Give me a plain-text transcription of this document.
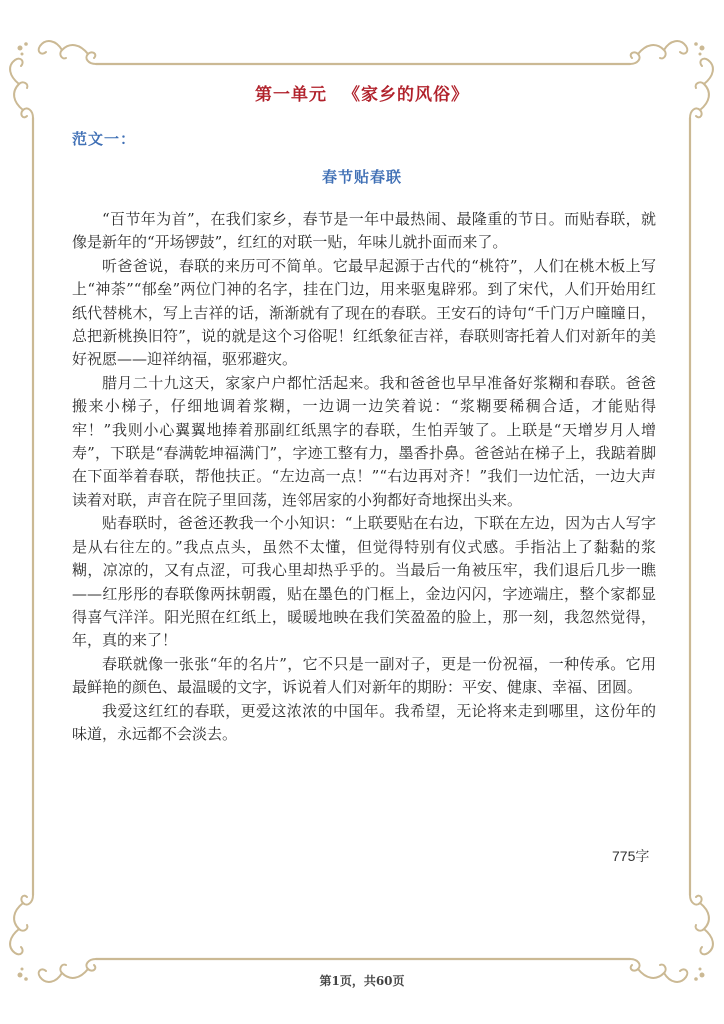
第一单元 《家乡的风俗》
范文一：
春节贴春联

“百节年为首”，在我们家乡，春节是一年中最热闹、最隆重的节日。而贴春联，就像是新年的“开场锣鼓”，红红的对联一贴，年味儿就扑面而来了。

听爸爸说，春联的来历可不简单。它最早起源于古代的“桃符”，人们在桃木板上写上“神荼”“郁垒”两位门神的名字，挂在门边，用来驱鬼辟邪。到了宋代，人们开始用红纸代替桃木，写上吉祥的话，渐渐就有了现在的春联。王安石的诗句“千门万户曈曈日，总把新桃换旧符”，说的就是这个习俗呢！红纸象征吉祥，春联则寄托着人们对新年的美好祝愿——迎祥纳福，驱邪避灾。

腊月二十九这天，家家户户都忙活起来。我和爸爸也早早准备好浆糊和春联。爸爸搬来小梯子，仔细地调着浆糊，一边调一边笑着说：“浆糊要稀稠合适，才能贴得牢！”我则小心翼翼地捧着那副红纸黑字的春联，生怕弄皱了。上联是“天增岁月人增寿”，下联是“春满乾坤福满门”，字迹工整有力，墨香扑鼻。爸爸站在梯子上，我踮着脚在下面举着春联，帮他扶正。“左边高一点！”“右边再对齐！”我们一边忙活，一边大声读着对联，声音在院子里回荡，连邻居家的小狗都好奇地探出头来。

贴春联时，爸爸还教我一个小知识：“上联要贴在右边，下联在左边，因为古人写字是从右往左的。”我点点头，虽然不太懂，但觉得特别有仪式感。手指沾上了黏黏的浆糊，凉凉的，又有点涩，可我心里却热乎乎的。当最后一角被压牢，我们退后几步一瞧——红彤彤的春联像两抹朝霞，贴在墨色的门框上，金边闪闪，字迹端庄，整个家都显得喜气洋洋。阳光照在红纸上，暖暖地映在我们笑盈盈的脸上，那一刻，我忽然觉得，年，真的来了！

春联就像一张张“年的名片”，它不只是一副对子，更是一份祝福，一种传承。它用最鲜艳的颜色、最温暖的文字，诉说着人们对新年的期盼：平安、健康、幸福、团圆。

我爱这红红的春联，更爱这浓浓的中国年。我希望，无论将来走到哪里，这份年的味道，永远都不会淡去。

775字
第1页，共60页
